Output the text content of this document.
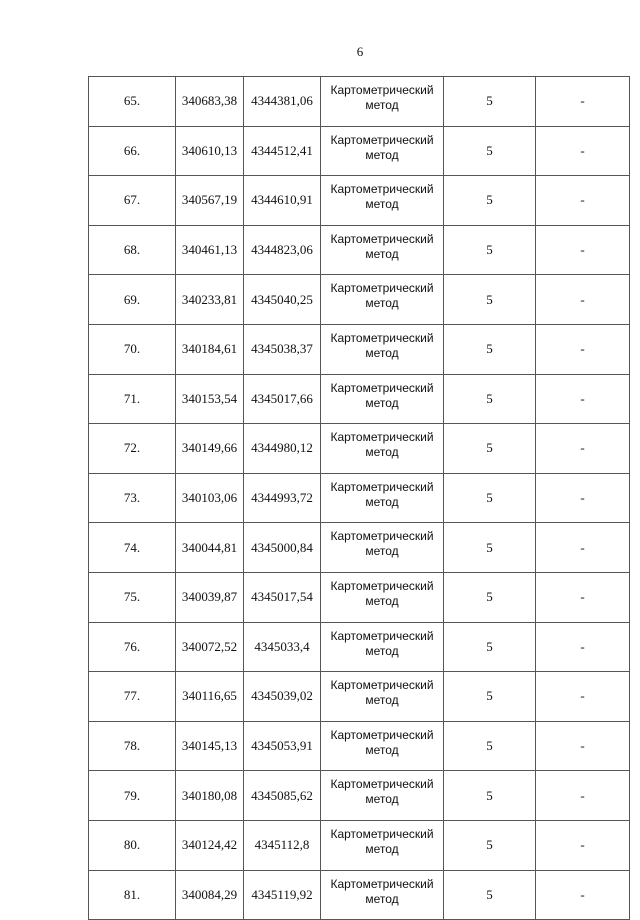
6
65.	340683,38	4344381,06	Картометрический
метод	5	-
66.	340610,13	4344512,41	Картометрический
метод	5	-
67.	340567,19	4344610,91	Картометрический
метод	5	-
68.	340461,13	4344823,06	Картометрический
метод	5	-
69.	340233,81	4345040,25	Картометрический
метод	5	-
70.	340184,61	4345038,37	Картометрический
метод	5	-
71.	340153,54	4345017,66	Картометрический
метод	5	-
72.	340149,66	4344980,12	Картометрический
метод	5	-
73.	340103,06	4344993,72	Картометрический
метод	5	-
74.	340044,81	4345000,84	Картометрический
метод	5	-
75.	340039,87	4345017,54	Картометрический
метод	5	-
76.	340072,52	4345033,4	Картометрический
метод	5	-
77.	340116,65	4345039,02	Картометрический
метод	5	-
78.	340145,13	4345053,91	Картометрический
метод	5	-
79.	340180,08	4345085,62	Картометрический
метод	5	-
80.	340124,42	4345112,8	Картометрический
метод	5	-
81.	340084,29	4345119,92	Картометрический
метод	5	-
